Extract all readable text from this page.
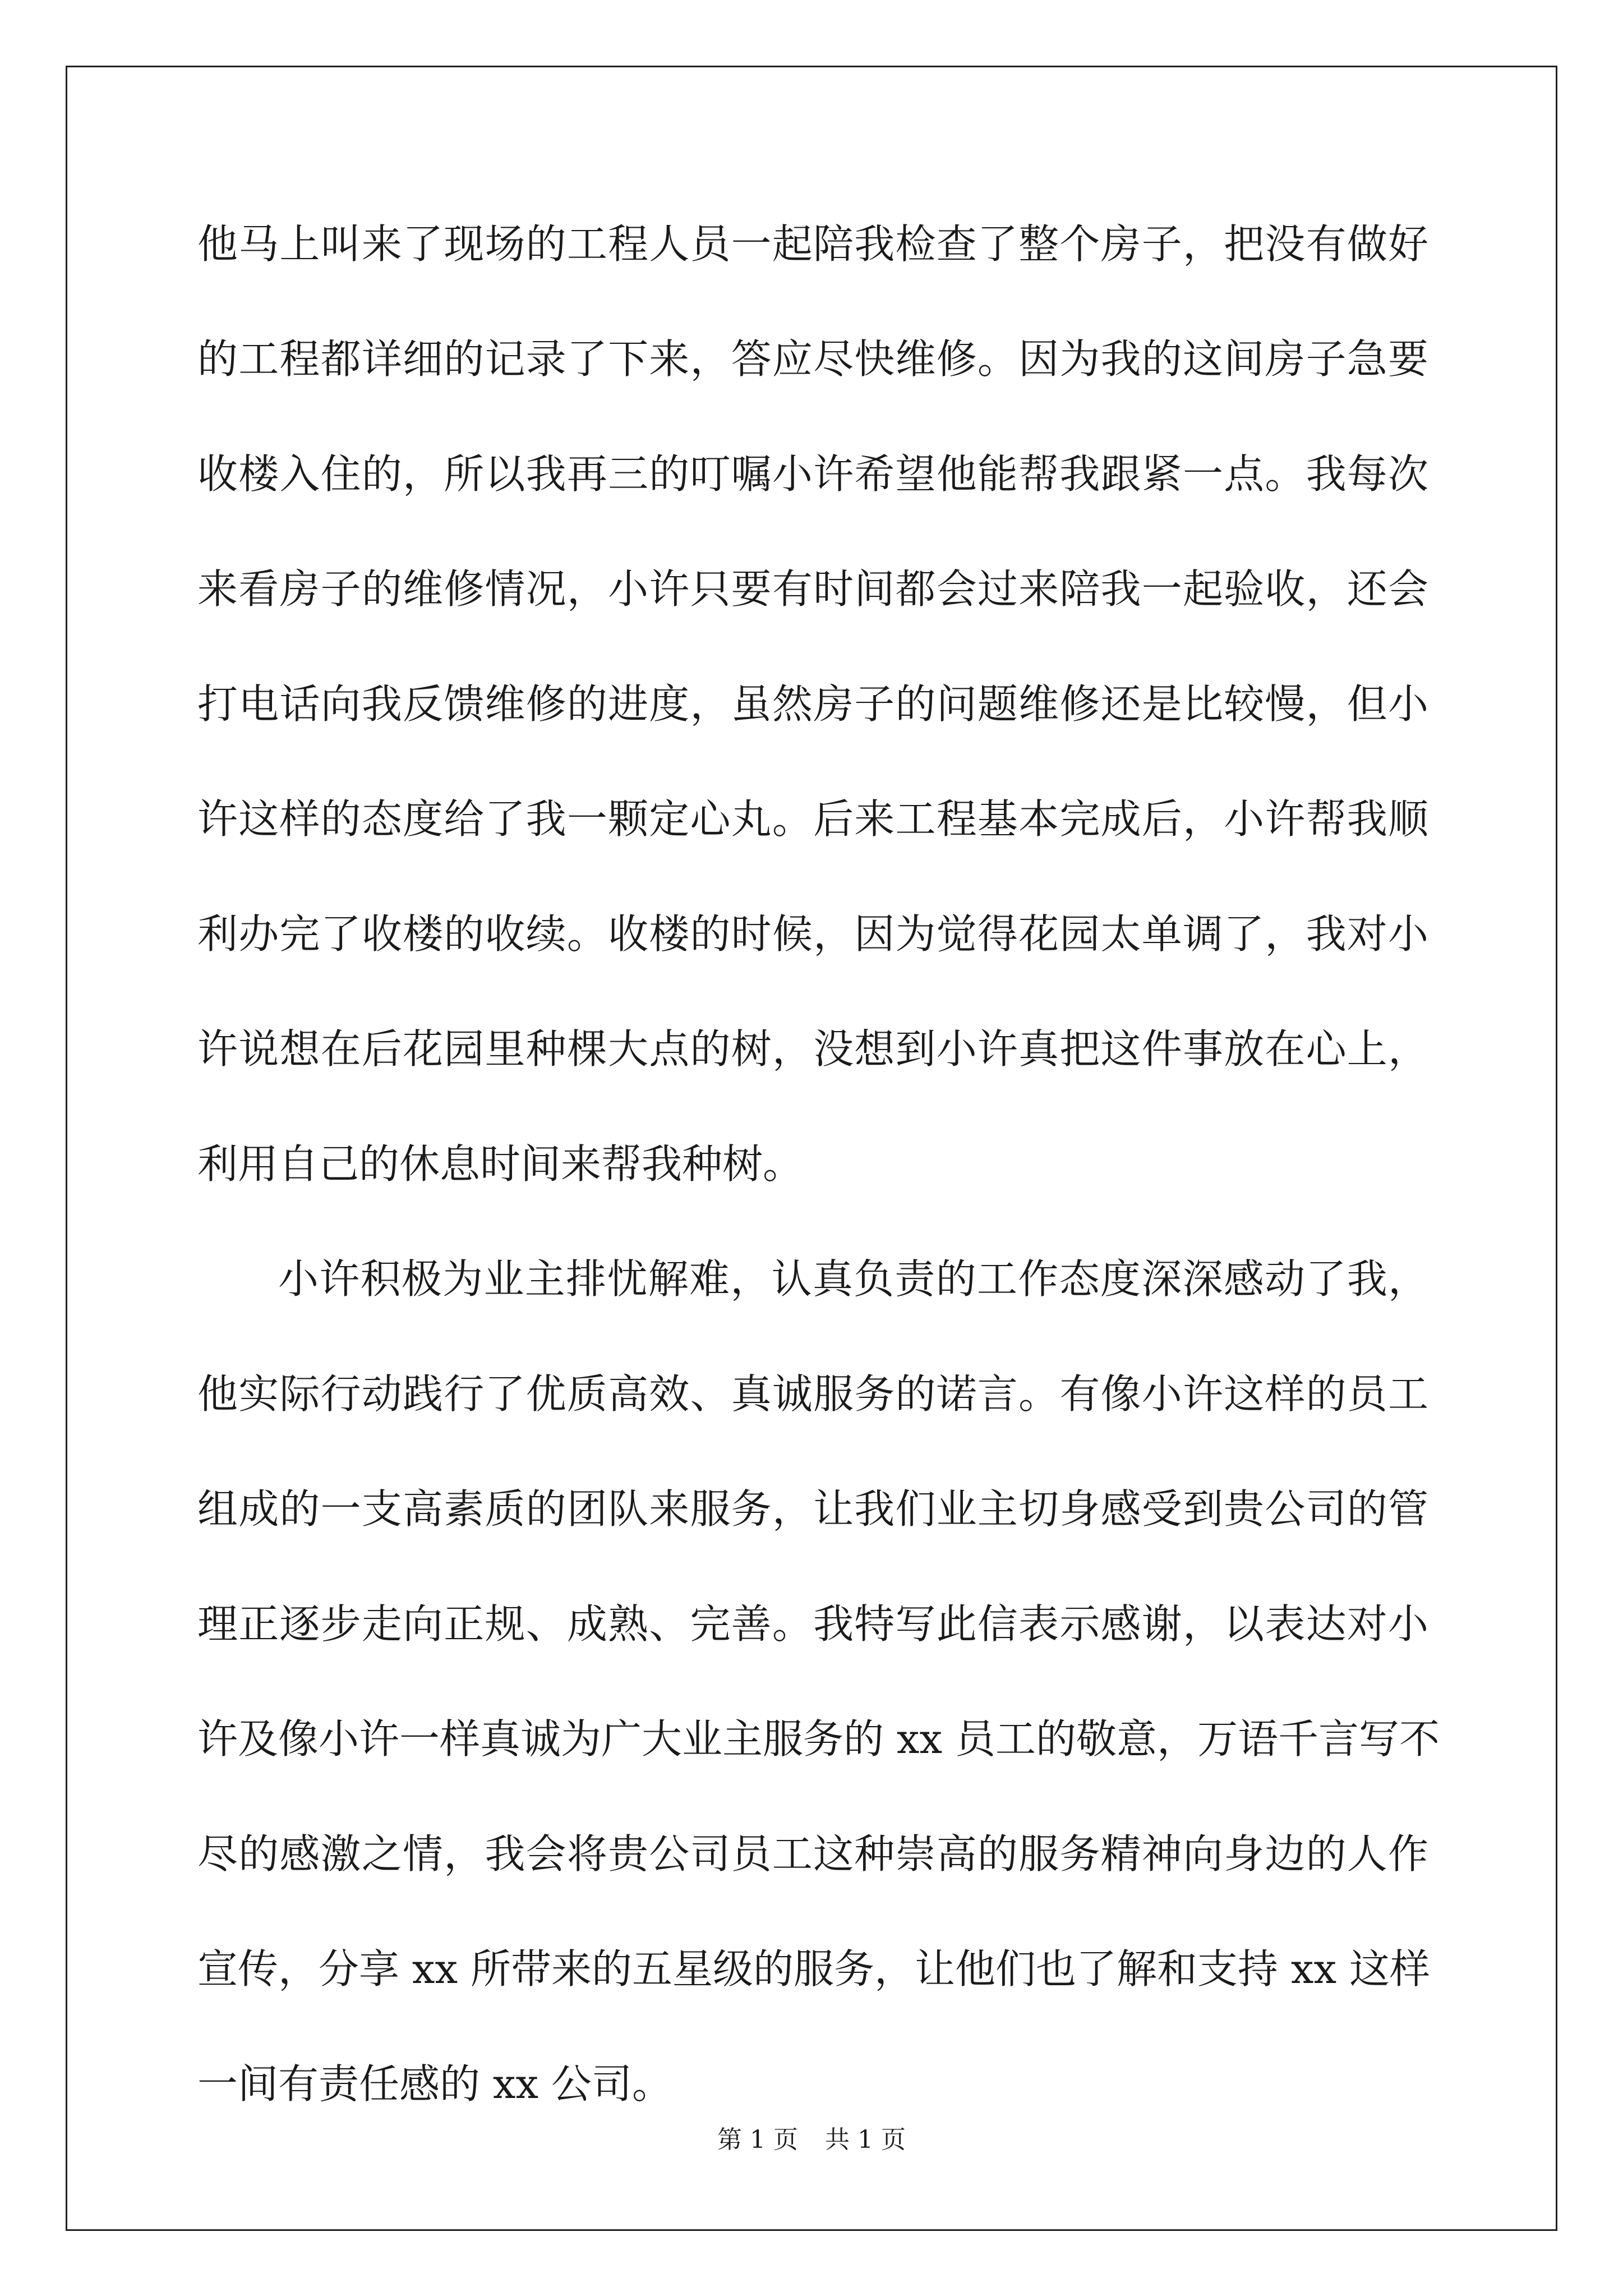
他马上叫来了现场的工程人员一起陪我检查了整个房子，把没有做好
的工程都详细的记录了下来，答应尽快维修。因为我的这间房子急要
收楼入住的，所以我再三的叮嘱小许希望他能帮我跟紧一点。我每次
来看房子的维修情况，小许只要有时间都会过来陪我一起验收，还会
打电话向我反馈维修的进度，虽然房子的问题维修还是比较慢，但小
许这样的态度给了我一颗定心丸。后来工程基本完成后，小许帮我顺
利办完了收楼的收续。收楼的时候，因为觉得花园太单调了，我对小
许说想在后花园里种棵大点的树，没想到小许真把这件事放在心上，
利用自己的休息时间来帮我种树。
小许积极为业主排忧解难，认真负责的工作态度深深感动了我，
他实际行动践行了优质高效、真诚服务的诺言。有像小许这样的员工
组成的一支高素质的团队来服务，让我们业主切身感受到贵公司的管
理正逐步走向正规、成熟、完善。我特写此信表示感谢，以表达对小
许及像小许一样真诚为广大业主服务的 xx 员工的敬意，万语千言写不
尽的感激之情，我会将贵公司员工这种崇高的服务精神向身边的人作
宣传，分享 xx 所带来的五星级的服务，让他们也了解和支持 xx 这样
一间有责任感的 xx 公司。
第 1 页 共 1 页
